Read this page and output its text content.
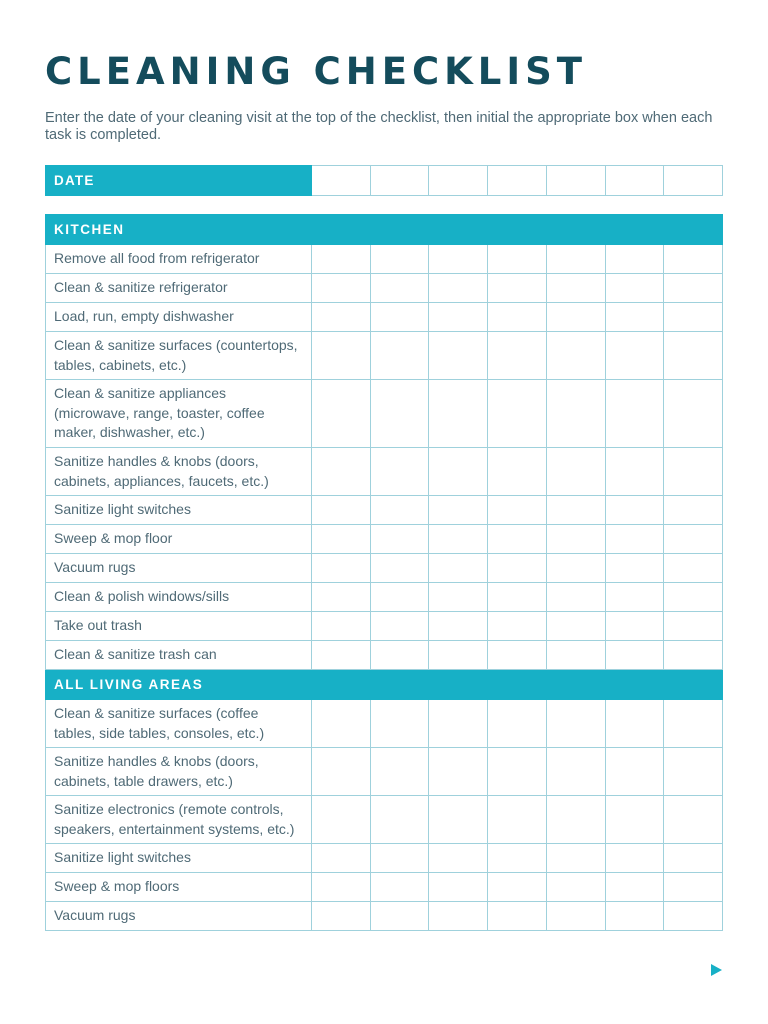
CLEANING CHECKLIST

Enter the date of your cleaning visit at the top of the checklist, then initial the appropriate box when each task is completed.

DATE							
KITCHEN							
Remove all food from refrigerator							
Clean & sanitize refrigerator							
Load, run, empty dishwasher							
Clean & sanitize surfaces (countertops, tables, cabinets, etc.)							
Clean & sanitize appliances (microwave, range, toaster, coffee maker, dishwasher, etc.)							
Sanitize handles & knobs (doors, cabinets, appliances, faucets, etc.)							
Sanitize light switches							
Sweep & mop floor							
Vacuum rugs							
Clean & polish windows/sills							
Take out trash							
Clean & sanitize trash can							
ALL LIVING AREAS							
Clean & sanitize surfaces (coffee tables, side tables, consoles, etc.)							
Sanitize handles & knobs (doors, cabinets, table drawers, etc.)							
Sanitize electronics (remote controls, speakers, entertainment systems, etc.)							
Sanitize light switches							
Sweep & mop floors							
Vacuum rugs							
